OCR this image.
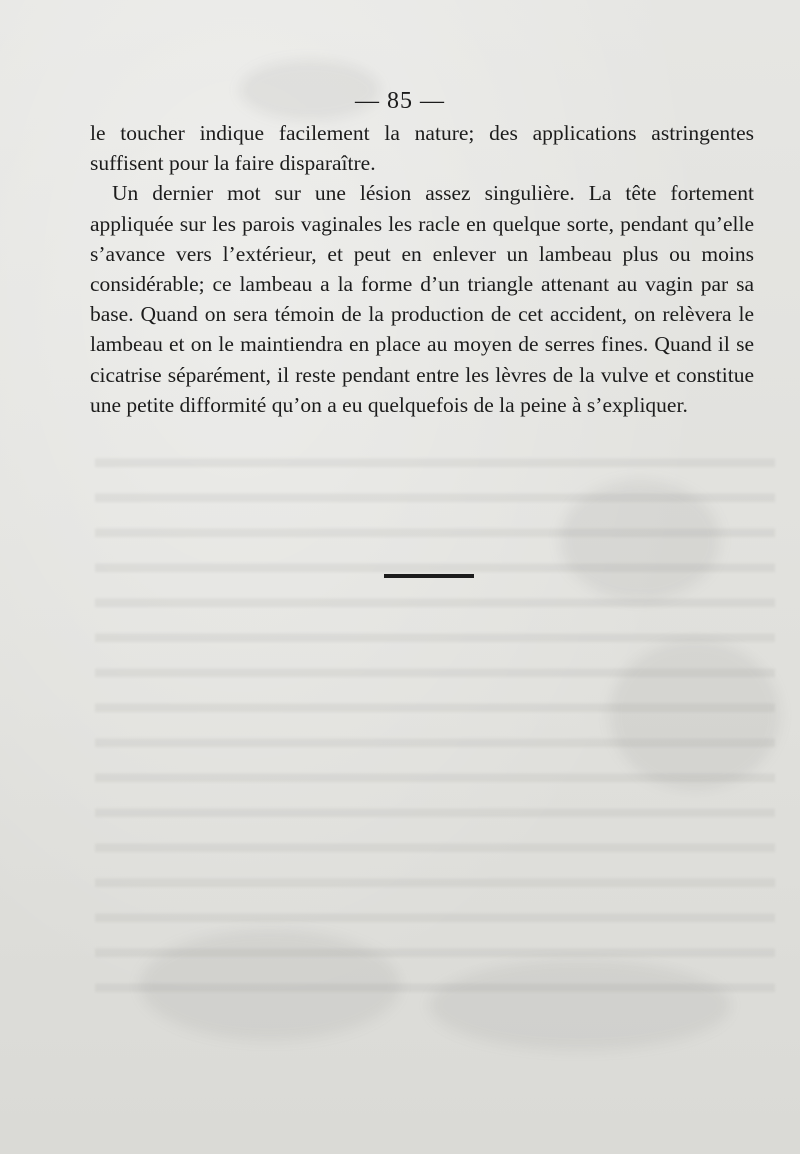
— 85 —

le toucher indique facilement la nature; des applications astringentes suffisent pour la faire disparaître.

Un dernier mot sur une lésion assez singulière. La tête fortement appliquée sur les parois vaginales les racle en quelque sorte, pendant qu’elle s’avance vers l’extérieur, et peut en enlever un lambeau plus ou moins considérable; ce lambeau a la forme d’un triangle attenant au vagin par sa base. Quand on sera témoin de la production de cet accident, on relèvera le lambeau et on le maintiendra en place au moyen de serres fines. Quand il se cicatrise séparément, il reste pendant entre les lèvres de la vulve et constitue une petite difformité qu’on a eu quelquefois de la peine à s’expliquer.
